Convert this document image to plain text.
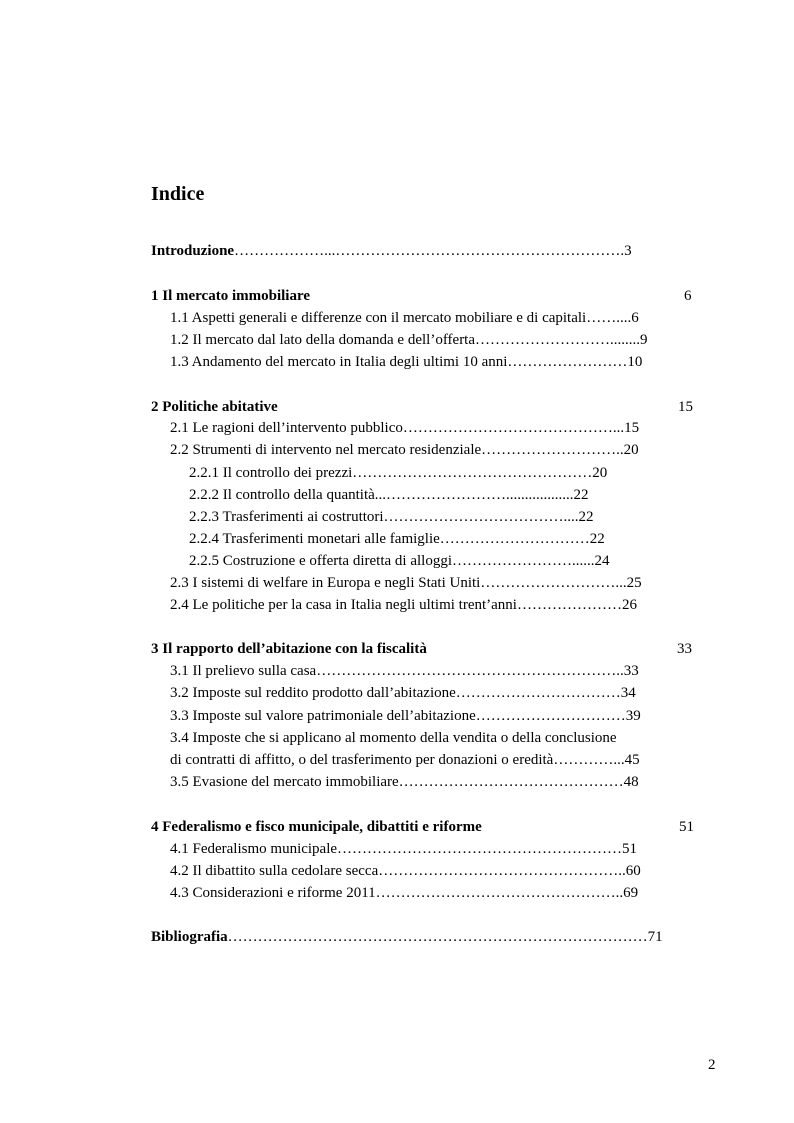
Indice
Introduzione………………...………………………………………………….3
1 Il mercato immobiliare	6
1.1 Aspetti generali e differenze con il mercato mobiliare e di capitali……....6
1.2 Il mercato dal lato della domanda e dell’offerta………………………........9
1.3 Andamento del mercato in Italia degli ultimi 10 anni……………………10
2 Politiche abitative	15
2.1 Le ragioni dell’intervento pubblico……………………………………...15
2.2 Strumenti di intervento nel mercato residenziale………………………..20
2.2.1 Il controllo dei prezzi…………………………………………20
2.2.2 Il controllo della quantità...……………………..................22
2.2.3 Trasferimenti ai costruttori………………………………....22
2.2.4 Trasferimenti monetari alle famiglie…………………………22
2.2.5 Costruzione e offerta diretta di alloggi……………………......24
2.3 I sistemi di welfare in Europa e negli Stati Uniti………………………...25
2.4 Le politiche per la casa in Italia negli ultimi trent’anni…………………26
3 Il rapporto dell’abitazione con la fiscalità	33
3.1 Il prelievo sulla casa……………………………………………………..33
3.2 Imposte sul reddito prodotto dall’abitazione……………………………34
3.3 Imposte sul valore patrimoniale dell’abitazione…………………………39
3.4 Imposte che si applicano al momento della vendita o della conclusione
di contratti di affitto, o del trasferimento per donazioni o eredità…………...45
3.5 Evasione del mercato immobiliare………………………………………48
4 Federalismo e fisco municipale, dibattiti e riforme	51
4.1 Federalismo municipale…………………………………………………51
4.2 Il dibattito sulla cedolare secca…………………………………………..60
4.3 Considerazioni e riforme 2011…………………………………………..69
Bibliografia…………………………………………………………………………71
2
